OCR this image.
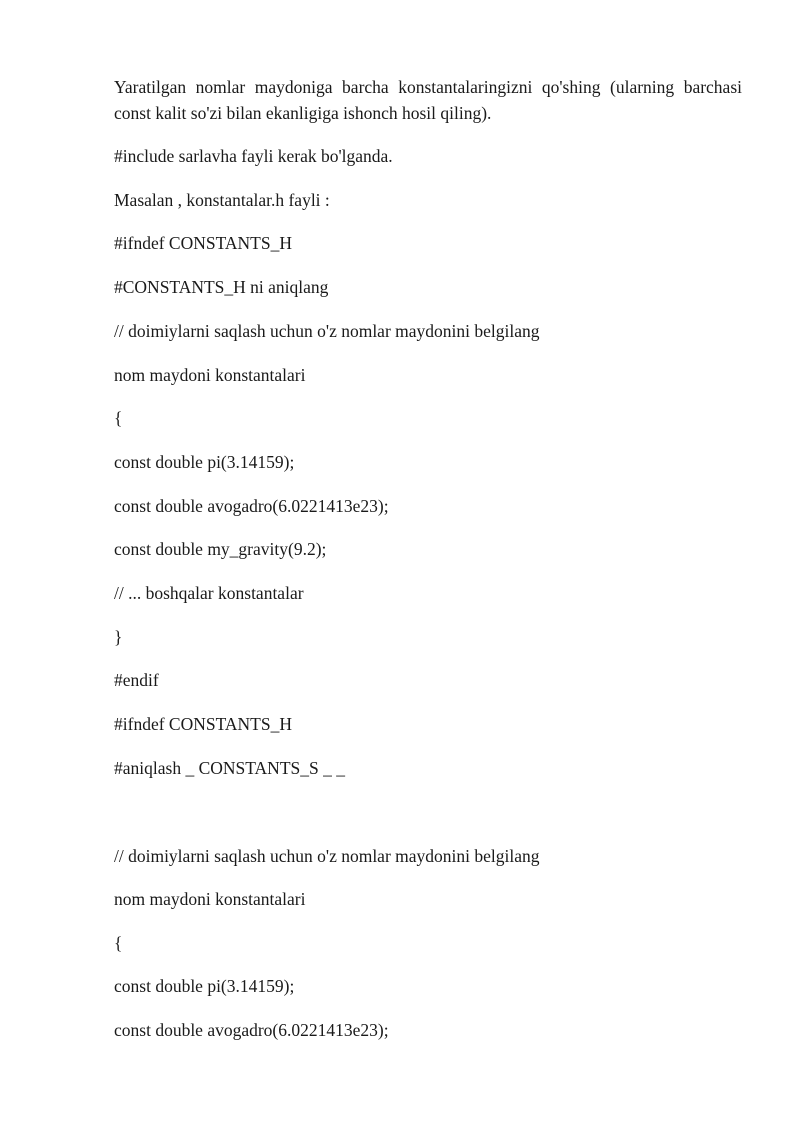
Yaratilgan nomlar maydoniga barcha konstantalaringizni qo'shing (ularning barchasi const kalit so'zi bilan ekanligiga ishonch hosil qiling).

#include sarlavha fayli kerak bo'lganda.

Masalan , konstantalar.h fayli :

#ifndef CONSTANTS_H

#CONSTANTS_H ni aniqlang

// doimiylarni saqlash uchun o'z nomlar maydonini belgilang

nom maydoni konstantalari

{

const double pi(3.14159);

const double avogadro(6.0221413e23);

const double my_gravity(9.2);

// ... boshqalar konstantalar

}

#endif

#ifndef CONSTANTS_H

#aniqlash _ CONSTANTS_S _ _

// doimiylarni saqlash uchun o'z nomlar maydonini belgilang

nom maydoni konstantalari

{

const double pi(3.14159);

const double avogadro(6.0221413e23);
